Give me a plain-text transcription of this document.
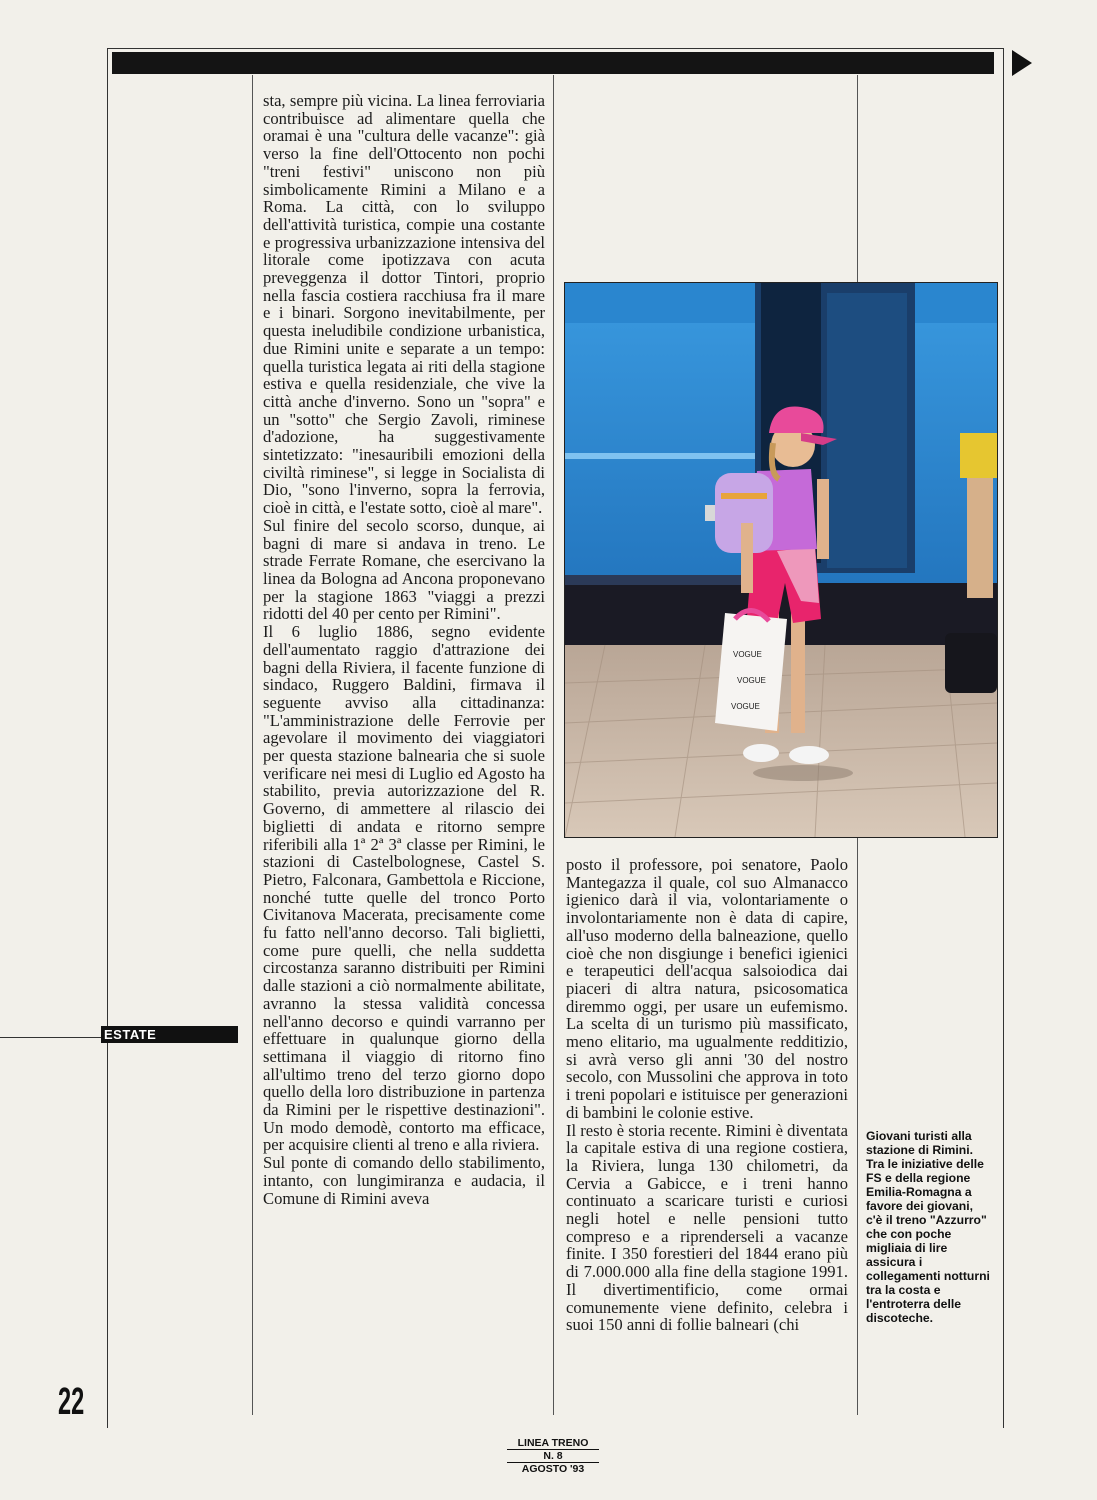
sta, sempre più vicina. La linea ferroviaria contribuisce ad alimentare quella che oramai è una "cultura delle vacanze": già verso la fine dell'Ottocento non pochi "treni festivi" uniscono non più simbolicamente Rimini a Milano e a Roma. La città, con lo sviluppo dell'attività turistica, compie una costante e progressiva urbanizzazione intensiva del litorale come ipotizzava con acuta preveggenza il dottor Tintori, proprio nella fascia costiera racchiusa fra il mare e i binari. Sorgono inevitabilmente, per questa ineludibile condizione urbanistica, due Rimini unite e separate a un tempo: quella turistica legata ai riti della stagione estiva e quella residenziale, che vive la città anche d'inverno. Sono un "sopra" e un "sotto" che Sergio Zavoli, riminese d'adozione, ha suggestivamente sintetizzato: "inesauribili emozioni della civiltà riminese", si legge in Socialista di Dio, "sono l'inverno, sopra la ferrovia, cioè in città, e l'estate sotto, cioè al mare".

Sul finire del secolo scorso, dunque, ai bagni di mare si andava in treno. Le strade Ferrate Romane, che esercivano la linea da Bologna ad Ancona proponevano per la stagione 1863 "viaggi a prezzi ridotti del 40 per cento per Rimini".

Il 6 luglio 1886, segno evidente dell'aumentato raggio d'attrazione dei bagni della Riviera, il facente funzione di sindaco, Ruggero Baldini, firmava il seguente avviso alla cittadinanza: "L'amministrazione delle Ferrovie per agevolare il movimento dei viaggiatori per questa stazione balnearia che si suole verificare nei mesi di Luglio ed Agosto ha stabilito, previa autorizzazione del R. Governo, di ammettere al rilascio dei biglietti di andata e ritorno sempre riferibili alla 1ª 2ª 3ª classe per Rimini, le stazioni di Castelbolognese, Castel S. Pietro, Falconara, Gambettola e Riccione, nonché tutte quelle del tronco Porto Civitanova Macerata, precisamente come fu fatto nell'anno decorso. Tali biglietti, come pure quelli, che nella suddetta circostanza saranno distribuiti per Rimini dalle stazioni a ciò normalmente abilitate, avranno la stessa validità concessa nell'anno decorso e quindi varranno per effettuare in qualunque giorno della settimana il viaggio di ritorno fino all'ultimo treno del terzo giorno dopo quello della loro distribuzione in partenza da Rimini per le rispettive destinazioni". Un modo demodè, contorto ma efficace, per acquisire clienti al treno e alla riviera.

Sul ponte di comando dello stabilimento, intanto, con lungimiranza e audacia, il Comune di Rimini aveva

VOGUE
VOGUE
VOGUE

posto il professore, poi senatore, Paolo Mantegazza il quale, col suo Almanacco igienico darà il via, volontariamente o involontariamente non è data di capire, all'uso moderno della balneazione, quello cioè che non disgiunge i benefici igienici e terapeutici dell'acqua salsoiodica dai piaceri di altra natura, psicosomatica diremmo oggi, per usare un eufemismo. La scelta di un turismo più massificato, meno elitario, ma ugualmente redditizio, si avrà verso gli anni '30 del nostro secolo, con Mussolini che approva in toto i treni popolari e istituisce per generazioni di bambini le colonie estive.

Il resto è storia recente. Rimini è diventata la capitale estiva di una regione costiera, la Riviera, lunga 130 chilometri, da Cervia a Gabicce, e i treni hanno continuato a scaricare turisti e curiosi negli hotel e nelle pensioni tutto compreso e a riprenderseli a vacanze finite. I 350 forestieri del 1844 erano più di 7.000.000 alla fine della stagione 1991. Il divertimentificio, come ormai comunemente viene definito, celebra i suoi 150 anni di follie balneari (chi

Giovani turisti alla stazione di Rimini. Tra le iniziative delle FS e della regione Emilia-Romagna a favore dei giovani, c'è il treno "Azzurro" che con poche migliaia di lire assicura i collegamenti notturni tra la costa e l'entroterra delle discoteche.
ESTATE
22
LINEA TRENO
N. 8
AGOSTO '93
